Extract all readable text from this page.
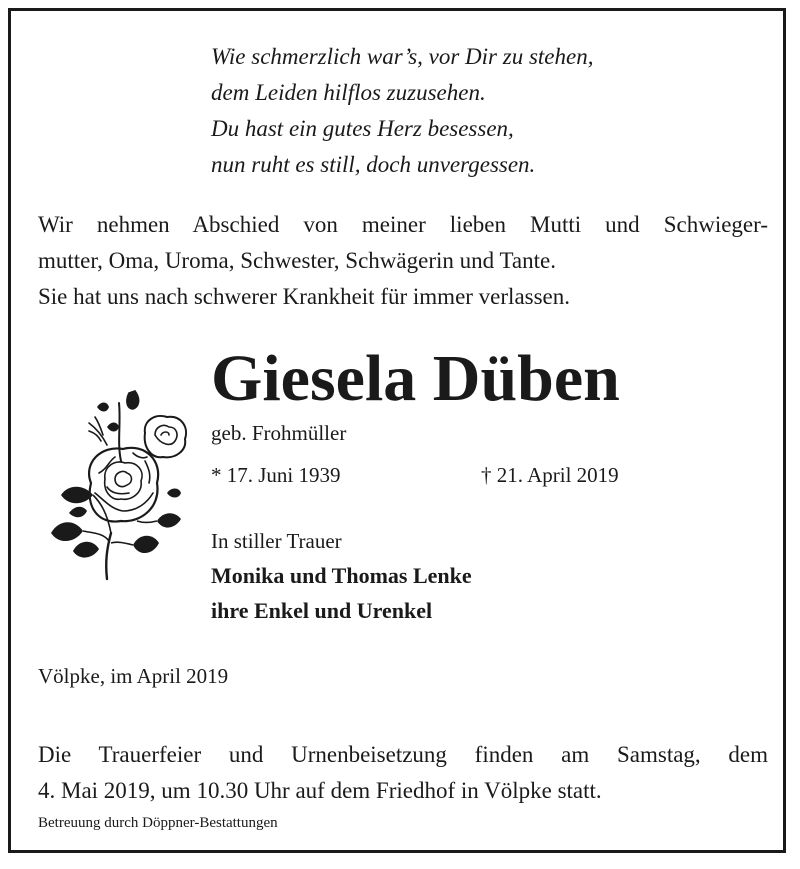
Wie schmerzlich war’s, vor Dir zu stehen,
dem Leiden hilflos zuzusehen.
Du hast ein gutes Herz besessen,
nun ruht es still, doch unvergessen.
Wir nehmen Abschied von meiner lieben Mutti und Schwieger-
mutter, Oma, Uroma, Schwester, Schwägerin und Tante.
Sie hat uns nach schwerer Krankheit für immer verlassen.
Giesela Düben
geb. Frohmüller
* 17. Juni 1939	† 21. April 2019
In stiller Trauer
Monika und Thomas Lenke
ihre Enkel und Urenkel
Völpke, im April 2019
Die Trauerfeier und Urnenbeisetzung finden am Samstag, dem
4. Mai 2019, um 10.30 Uhr auf dem Friedhof in Völpke statt.
Betreuung durch Döppner-Bestattungen
